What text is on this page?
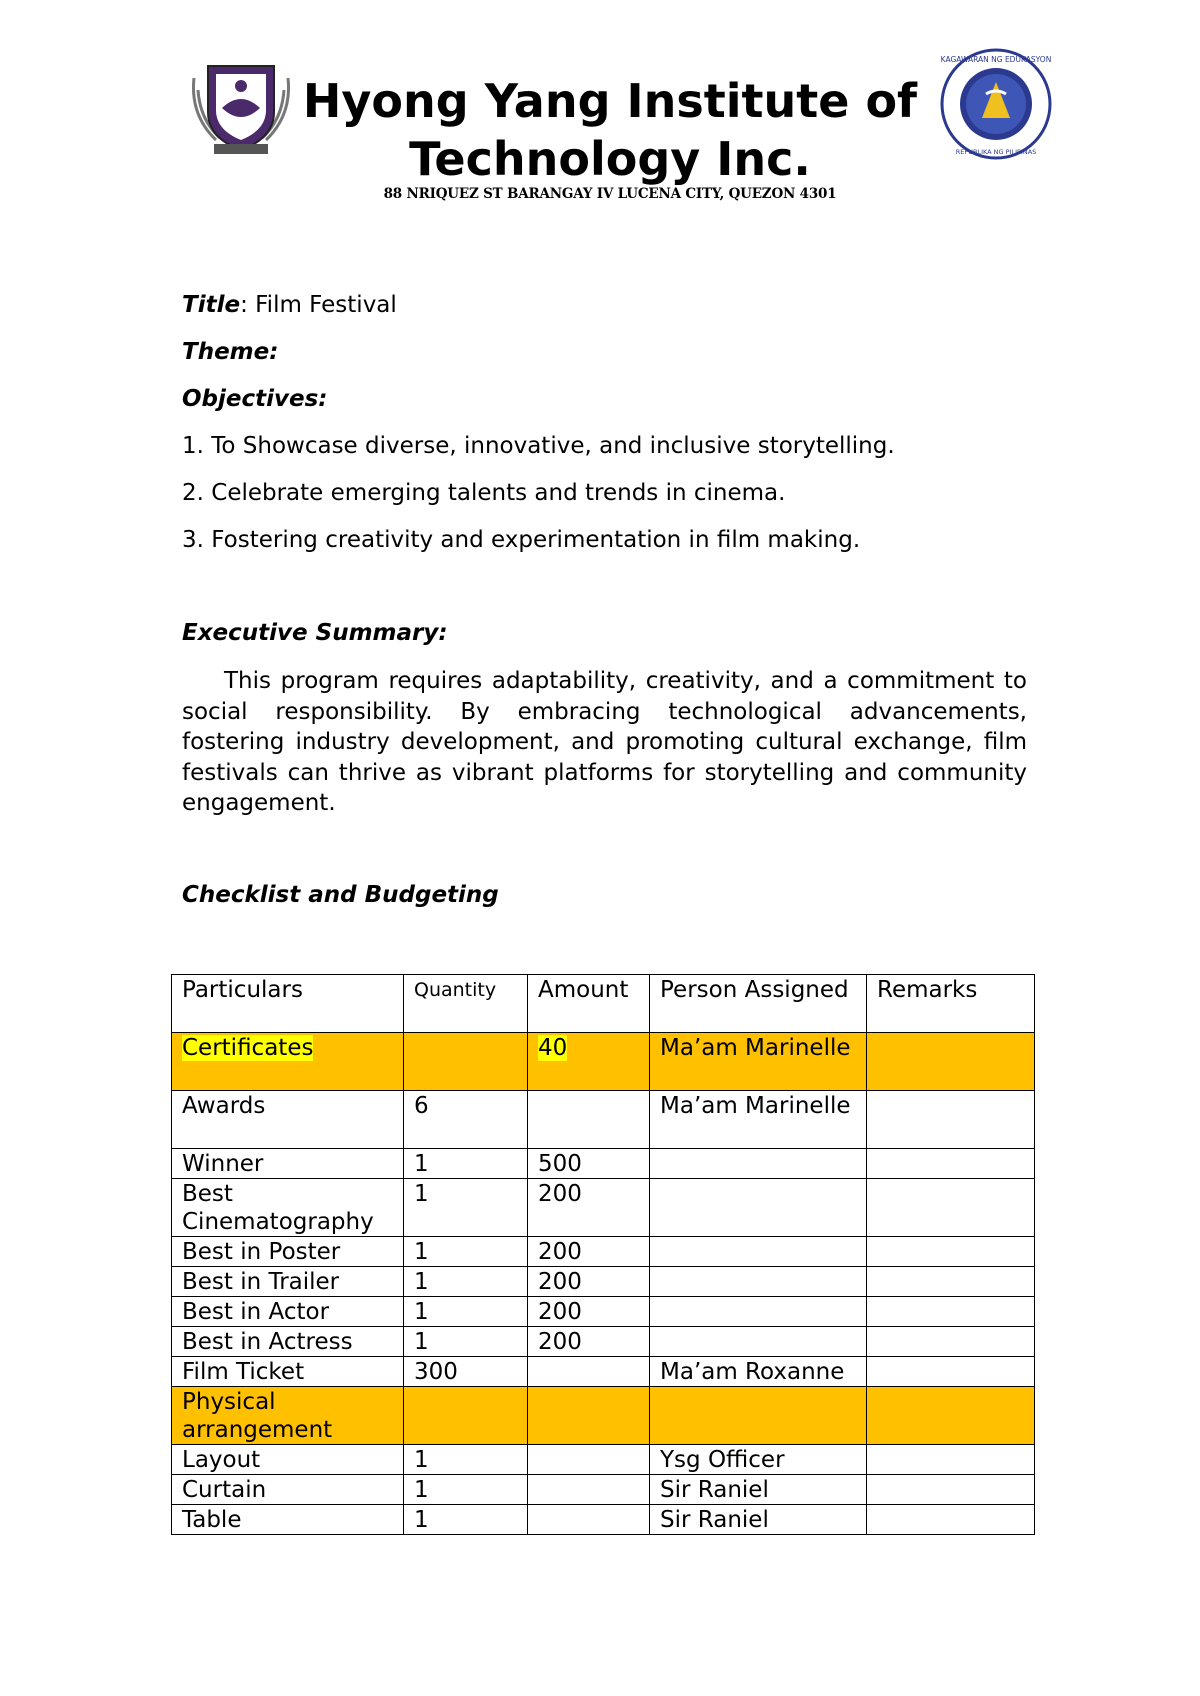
KAGAWARAN NG EDUKASYON
REPUBLIKA NG PILIPINAS
Hyong Yang Institute of
Technology Inc.
88 NRIQUEZ ST BARANGAY IV LUCENA CITY, QUEZON 4301
Title: Film Festival
Theme:
Objectives:
1. To Showcase diverse, innovative, and inclusive storytelling.
2. Celebrate emerging talents and trends in cinema.
3. Fostering creativity and experimentation in film making.
Executive Summary:
This program requires adaptability, creativity, and a commitment to social responsibility. By embracing technological advancements, fostering industry development, and promoting cultural exchange, film festivals can thrive as vibrant platforms for storytelling and community engagement.
Checklist and Budgeting
Particulars	Quantity	Amount	Person Assigned	Remarks
Certificates		40	Ma’am Marinelle	
Awards	6		Ma’am Marinelle	
Winner	1	500		
Best Cinematography	1	200		
Best in Poster	1	200		
Best in Trailer	1	200		
Best in Actor	1	200		
Best in Actress	1	200		
Film Ticket	300		Ma’am Roxanne	
Physical arrangement				
Layout	1		Ysg Officer	
Curtain	1		Sir Raniel	
Table	1		Sir Raniel	
